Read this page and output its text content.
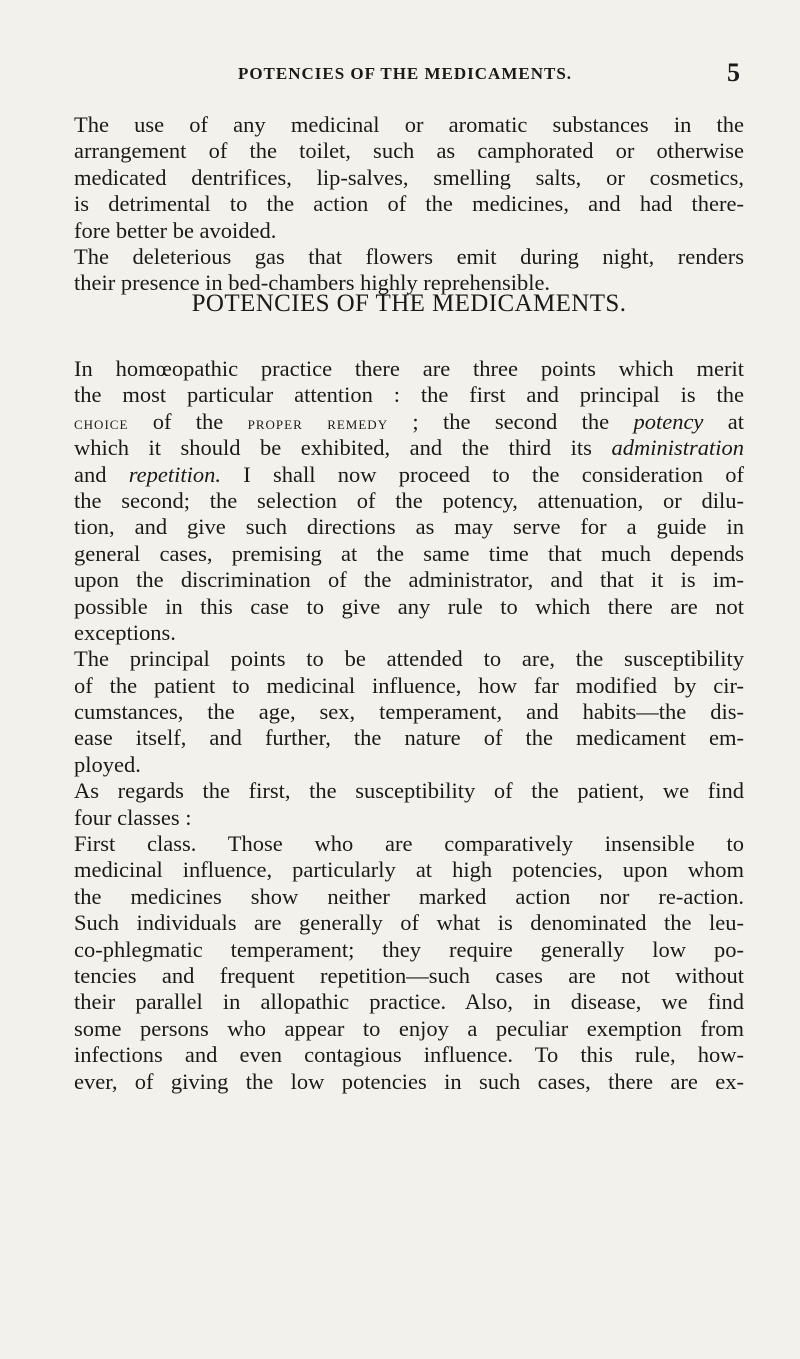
POTENCIES OF THE MEDICAMENTS.	5
The use of any medicinal or aromatic substances in the
arrangement of the toilet, such as camphorated or otherwise
medicated dentrifices, lip-salves, smelling salts, or cosmetics,
is detrimental to the action of the medicines, and had there-
fore better be avoided.
The deleterious gas that flowers emit during night, renders
their presence in bed-chambers highly reprehensible.
POTENCIES OF THE MEDICAMENTS.
In homœopathic practice there are three points which merit
the most particular attention : the first and principal is the
choice of the proper remedy ; the second the potency at
which it should be exhibited, and the third its administration
and repetition. I shall now proceed to the consideration of
the second; the selection of the potency, attenuation, or dilu-
tion, and give such directions as may serve for a guide in
general cases, premising at the same time that much depends
upon the discrimination of the administrator, and that it is im-
possible in this case to give any rule to which there are not
exceptions.
The principal points to be attended to are, the susceptibility
of the patient to medicinal influence, how far modified by cir-
cumstances, the age, sex, temperament, and habits—the dis-
ease itself, and further, the nature of the medicament em-
ployed.
As regards the first, the susceptibility of the patient, we find
four classes :
First class. Those who are comparatively insensible to
medicinal influence, particularly at high potencies, upon whom
the medicines show neither marked action nor re-action.
Such individuals are generally of what is denominated the leu-
co-phlegmatic temperament; they require generally low po-
tencies and frequent repetition—such cases are not without
their parallel in allopathic practice. Also, in disease, we find
some persons who appear to enjoy a peculiar exemption from
infections and even contagious influence. To this rule, how-
ever, of giving the low potencies in such cases, there are ex-
